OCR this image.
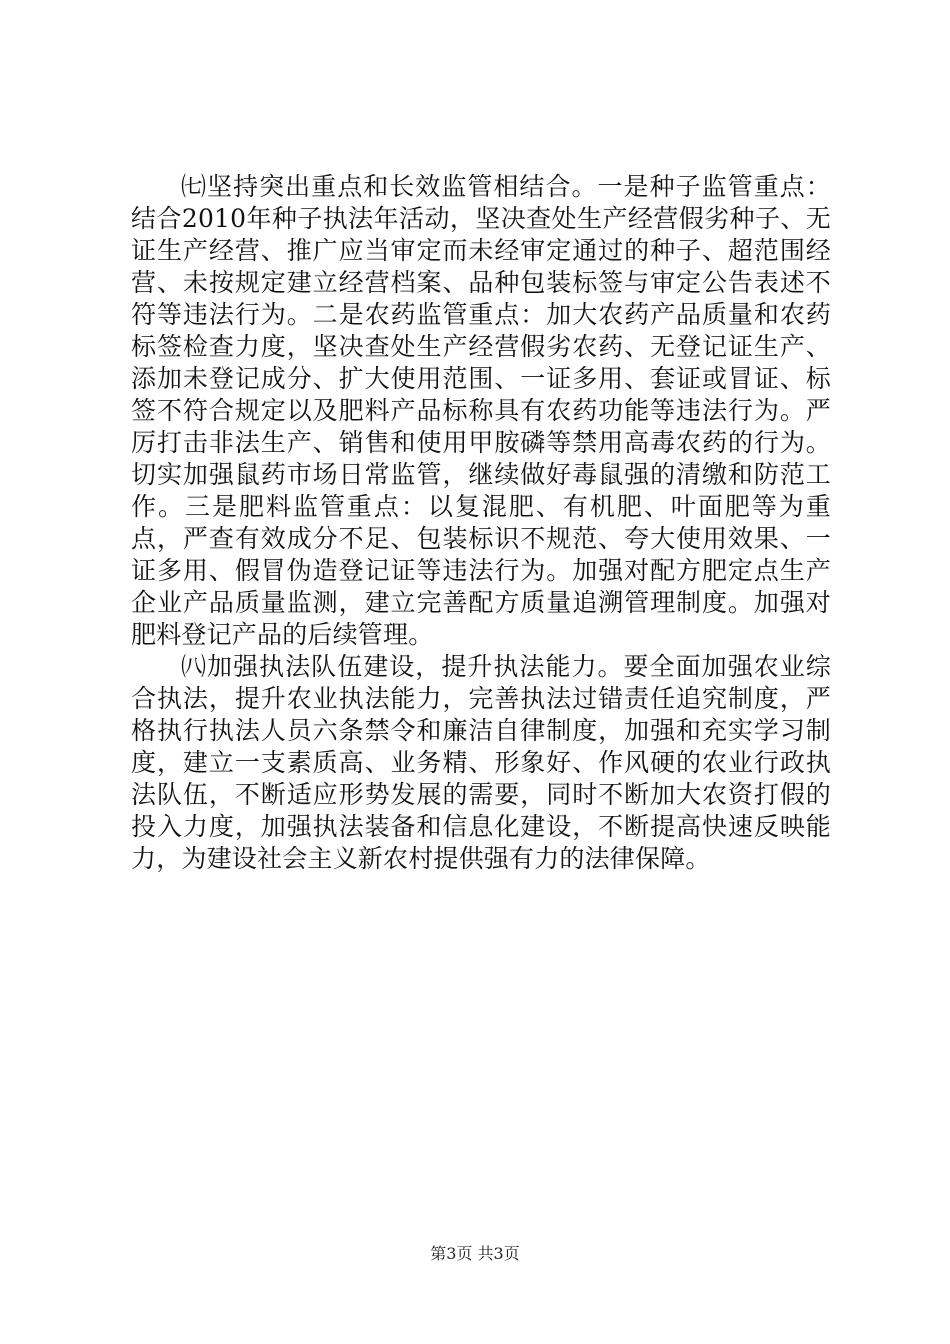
㈦坚持突出重点和长效监管相结合。一是种子监管重点：结合2010年种子执法年活动，坚决查处生产经营假劣种子、无证生产经营、推广应当审定而未经审定通过的种子、超范围经营、未按规定建立经营档案、品种包装标签与审定公告表述不符等违法行为。二是农药监管重点：加大农药产品质量和农药标签检查力度，坚决查处生产经营假劣农药、无登记证生产、添加未登记成分、扩大使用范围、一证多用、套证或冒证、标签不符合规定以及肥料产品标称具有农药功能等违法行为。严厉打击非法生产、销售和使用甲胺磷等禁用高毒农药的行为。切实加强鼠药市场日常监管，继续做好毒鼠强的清缴和防范工作。三是肥料监管重点：以复混肥、有机肥、叶面肥等为重点，严查有效成分不足、包装标识不规范、夸大使用效果、一证多用、假冒伪造登记证等违法行为。加强对配方肥定点生产企业产品质量监测，建立完善配方质量追溯管理制度。加强对肥料登记产品的后续管理。

㈧加强执法队伍建设，提升执法能力。要全面加强农业综合执法，提升农业执法能力，完善执法过错责任追究制度，严格执行执法人员六条禁令和廉洁自律制度，加强和充实学习制度，建立一支素质高、业务精、形象好、作风硬的农业行政执法队伍，不断适应形势发展的需要，同时不断加大农资打假的投入力度，加强执法装备和信息化建设，不断提高快速反映能力，为建设社会主义新农村提供强有力的法律保障。

第3页 共3页
